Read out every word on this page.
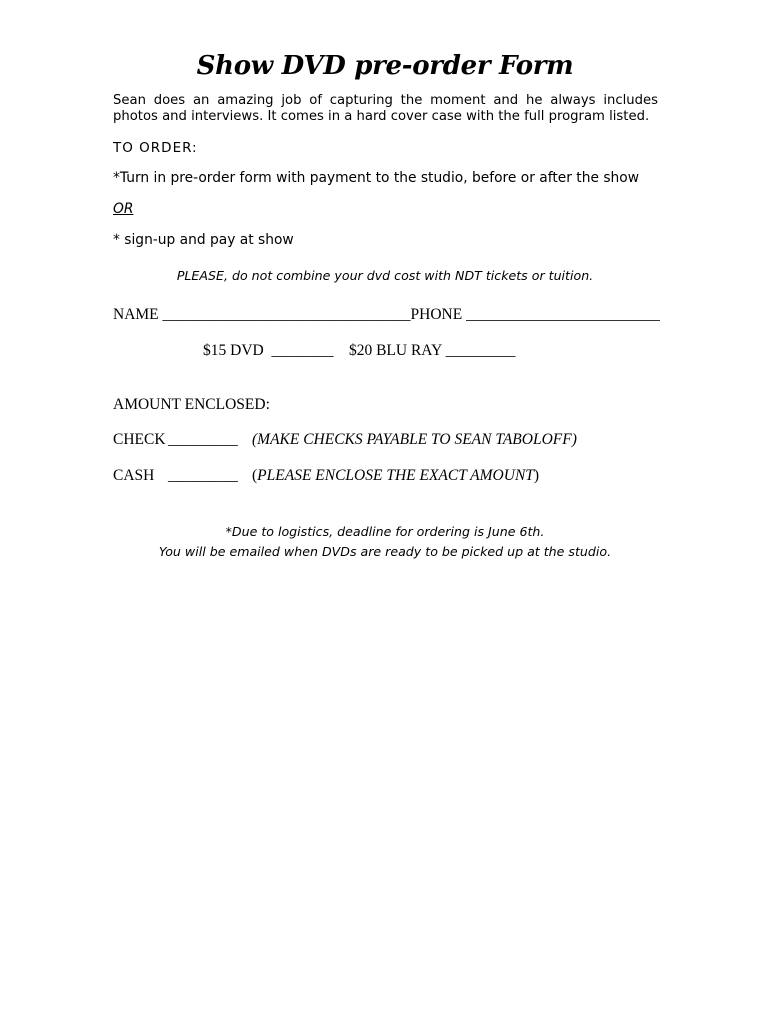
Show DVD pre-order Form

Sean does an amazing job of capturing the moment and he always includes photos and interviews. It comes in a hard cover case with the full program listed.

TO ORDER:
*Turn in pre-order form with payment to the studio, before or after the show
OR
* sign-up and pay at show
PLEASE, do not combine your dvd cost with NDT tickets or tuition.
NAME ________________________________PHONE _________________________
$15 DVD ________ $20 BLU RAY _________
AMOUNT ENCLOSED:
CHECK _________ (MAKE CHECKS PAYABLE TO SEAN TABOLOFF)
CASH _________ (PLEASE ENCLOSE THE EXACT AMOUNT)
*Due to logistics, deadline for ordering is June 6th.
You will be emailed when DVDs are ready to be picked up at the studio.
